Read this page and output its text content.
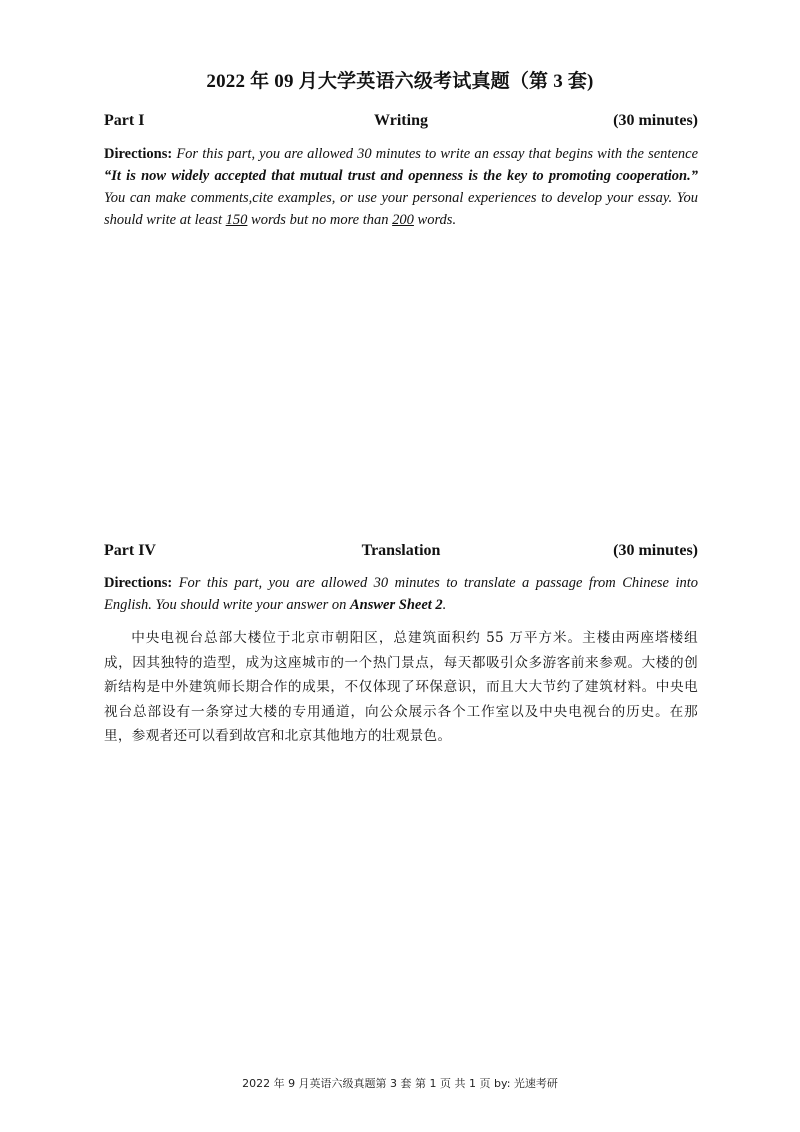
2022 年 09 月大学英语六级考试真题（第 3 套)
Part I	Writing	(30 minutes)
Directions: For this part, you are allowed 30 minutes to write an essay that begins with the sentence “It is now widely accepted that mutual trust and openness is the key to promoting cooperation.” You can make comments,cite examples, or use your personal experiences to develop your essay. You should write at least 150 words but no more than 200 words.
Part IV	Translation	(30 minutes)
Directions: For this part, you are allowed 30 minutes to translate a passage from Chinese into English. You should write your answer on Answer Sheet 2.
中央电视台总部大楼位于北京市朝阳区，总建筑面积约 55 万平方米。主楼由两座塔楼组成，因其独特的造型，成为这座城市的一个热门景点，每天都吸引众多游客前来参观。大楼的创新结构是中外建筑师长期合作的成果，不仅体现了环保意识，而且大大节约了建筑材料。中央电视台总部设有一条穿过大楼的专用通道，向公众展示各个工作室以及中央电视台的历史。在那里，参观者还可以看到故宫和北京其他地方的壮观景色。
2022 年 9 月英语六级真题第 3 套 第 1 页 共 1 页 by: 光速考研
